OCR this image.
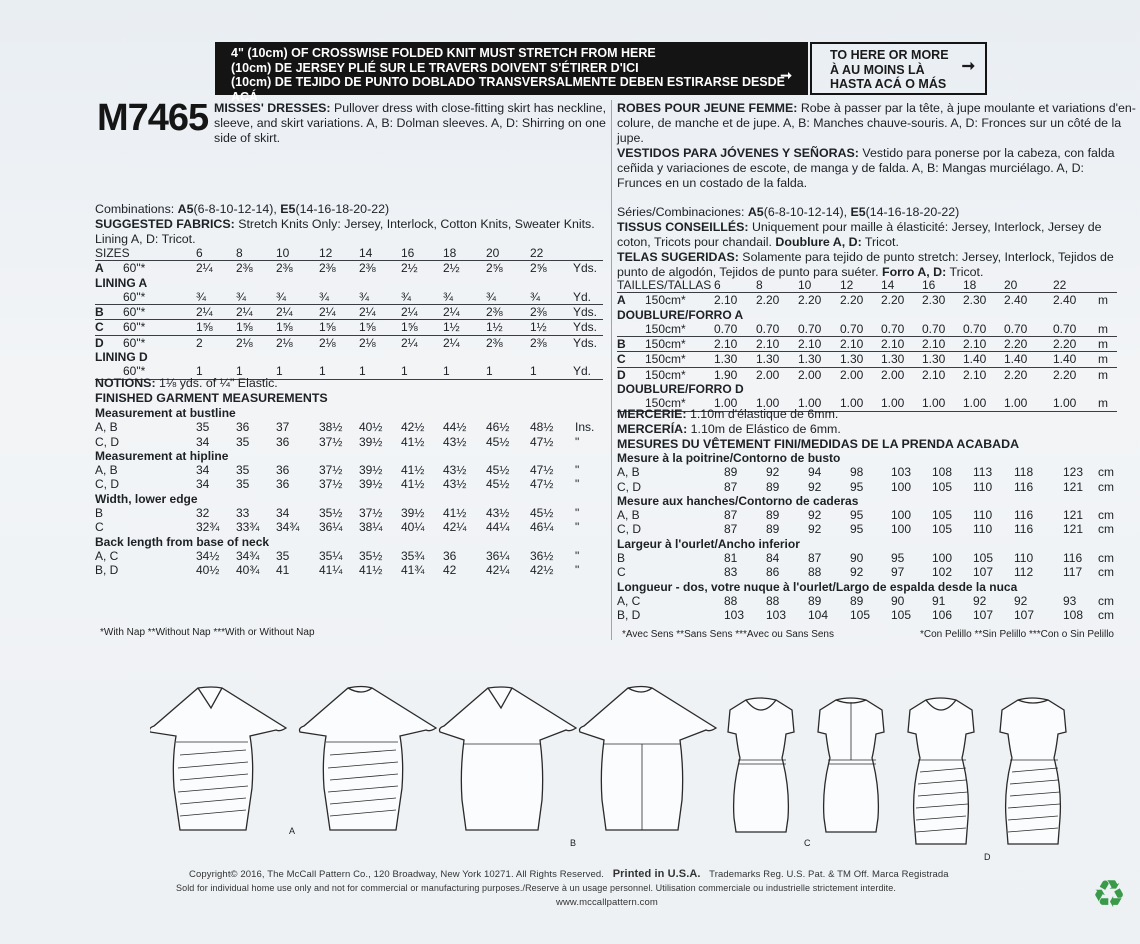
4" (10cm) OF CROSSWISE FOLDED KNIT MUST STRETCH FROM HERE
(10cm) DE JERSEY PLIÉ SUR LE TRAVERS DOIVENT S'ÉTIRER D'ICI
(10cm) DE TEJIDO DE PUNTO DOBLADO TRANSVERSALMENTE DEBEN ESTIRARSE DESDE ACÁ
➞
TO HERE OR MORE
À AU MOINS LÀ
HASTA ACÁ O MÁS
➞
M7465 MISSES' DRESSES: Pullover dress with close-fitting skirt has neckline,
sleeve, and skirt variations. A, B: Dolman sleeves. A, D: Shirring on one
side of skirt.
ROBES POUR JEUNE FEMME: Robe à passer par la tête, à jupe moulante et variations d'en-
colure, de manche et de jupe. A, B: Manches chauve-souris. A, D: Fronces sur un côté de la
jupe.
VESTIDOS PARA JÓVENES Y SEÑORAS: Vestido para ponerse por la cabeza, con falda
ceñida y variaciones de escote, de manga y de falda. A, B: Mangas murciélago. A, D:
Frunces en un costado de la falda.
Combinations: A5(6-8-10-12-14), E5(14-16-18-20-22)
SUGGESTED FABRICS: Stretch Knits Only: Jersey, Interlock, Cotton Knits, Sweater Knits.
Lining A, D: Tricot.
Séries/Combinaciones: A5(6-8-10-12-14), E5(14-16-18-20-22)
TISSUS CONSEILLÉS: Uniquement pour maille à élasticité: Jersey, Interlock, Jersey de
coton, Tricots pour chandail. Doublure A, D: Tricot.
TELAS SUGERIDAS: Solamente para tejido de punto stretch: Jersey, Interlock, Tejidos de
punto de algodón, Tejidos de punto para suéter. Forro A, D: Tricot.
SIZES	6	8	10 12 14 16 18 20	22
A 60"*	2¼ 2⅜ 2⅜ 2⅜ 2⅜ 2½ 2½ 2⅝ 2⅝ Yds.
LINING A
60"*	¾ ¾ ¾	¾ ¾	¾	¾	¾	¾	Yd.
B 60"*	2¼ 2¼ 2¼ 2¼ 2¼ 2¼ 2¼ 2⅜ 2⅜ Yds.
C 60"*	1⅝ 1⅝ 1⅝ 1⅝ 1⅝ 1⅝ 1½ 1½ 1½ Yds.
D 60"*	2	2⅛ 2⅛ 2⅛ 2⅛ 2¼ 2¼ 2⅜ 2⅜ Yds.
LINING D
60"*	1	1	1	1	1	1	1	1	1	Yd.
TAILLES/TALLAS 6	8	10 12 14 16 18 20	22
A 150cm* 2.10 2.20 2.20 2.20 2.20 2.30 2.30 2.40 2.40 m
DOUBLURE/FORRO A
150cm* 0.70 0.70 0.70 0.70 0.70 0.70 0.70 0.70 0.70 m
B 150cm* 2.10 2.10 2.10 2.10 2.10 2.10 2.10 2.20 2.20 m
C 150cm* 1.30 1.30 1.30 1.30 1.30 1.30 1.40 1.40 1.40 m
D 150cm* 1.90 2.00 2.00 2.00 2.00 2.10 2.10 2.20 2.20 m
DOUBLURE/FORRO D
150cm* 1.00 1.00 1.00 1.00 1.00 1.00 1.00 1.00 1.00 m
NOTIONS: 1⅛ yds. of ¼" Elastic.
FINISHED GARMENT MEASUREMENTS
MERCERIE: 1.10m d'élastique de 6mm.
MERCERÍA: 1.10m de Elástico de 6mm.
MESURES DU VÊTEMENT FINI/MEDIDAS DE LA PRENDA ACABADA
Measurement at bustline
A, B	35 36 37 38½ 40½ 42½ 44½ 46½ 48½ Ins.
C, D	34 35 36 37½ 39½ 41½ 43½ 45½ 47½ "
Measurement at hipline
A, B	34 35 36 37½ 39½ 41½ 43½ 45½ 47½ "
C, D	34 35 36 37½ 39½ 41½ 43½ 45½ 47½ "
Width, lower edge
B	32 33 34 35½ 37½ 39½ 41½ 43½ 45½ "
C	32¾ 33¾ 34¾ 36¼ 38¼ 40¼ 42¼ 44¼ 46¼ "
Back length from base of neck
A, C	34½ 34¾ 35 35¼ 35½ 35¾ 36 36¼ 36½ "
B, D	40½ 40¾ 41 41¼ 41½ 41¾ 42 42¼ 42½ "
Mesure à la poitrine/Contorno de busto
A, B	89 92 94 98 103 108 113 118 123 cm
C, D	87 89 92 95 100 105 110 116 121 cm
Mesure aux hanches/Contorno de caderas
A, B	87 89 92 95 100 105 110 116 121 cm
C, D	87 89 92 95 100 105 110 116 121 cm
Largeur à l'ourlet/Ancho inferior
B	81 84 87 90 95 100 105 110 116 cm
C	83 86 88 92 97 102 107 112 117 cm
Longueur - dos, votre nuque à l'ourlet/Largo de espalda desde la nuca
A, C	88 88 89 89 90 91 92 92	93 cm
B, D	103 103 104 105 105 106 107 107 108 cm
*With Nap **Without Nap ***With or Without Nap	*Avec Sens **Sans Sens ***Avec ou Sans Sens	*Con Pelillo **Sin Pelillo ***Con o Sin Pelillo
A
B	C
D
Copyright© 2016, The McCall Pattern Co., 120 Broadway, New York 10271. All Rights Reserved. Printed in U.S.A. Trademarks Reg. U.S. Pat. & TM Off. Marca Registrada
Sold for individual home use only and not for commercial or manufacturing purposes./Reserve à un usage personnel. Utilisation commerciale ou industrielle strictement interdite.
www.mccallpattern.com	♻
